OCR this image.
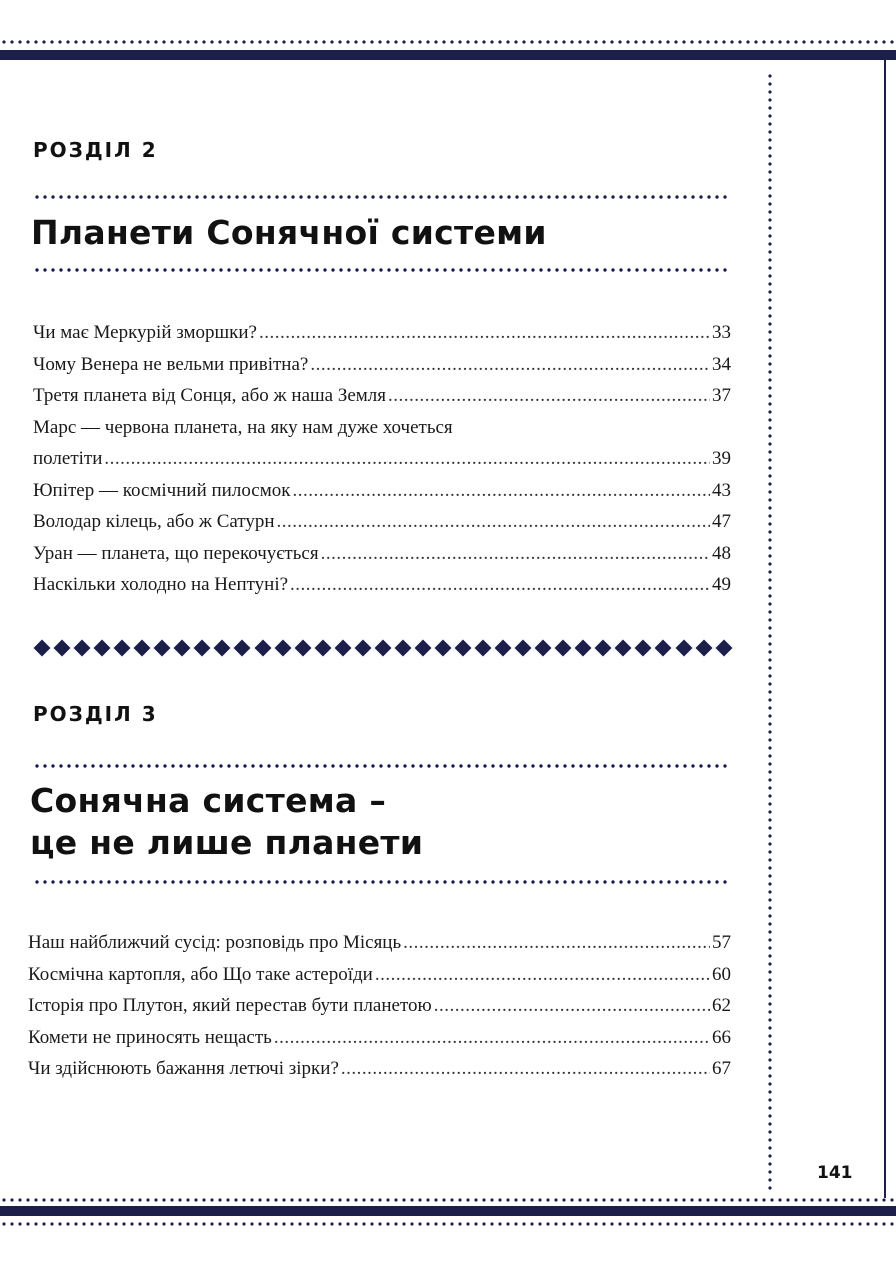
РОЗДІЛ 2
Планети Сонячної системи
Чи має Меркурій зморшки? .....	33
Чому Венера не вельми привітна? .....	34
Третя планета від Сонця, або ж наша Земля .....	37
Марс — червона планета, на яку нам дуже хочеться
полетіти .....	39
Юпітер — космічний пилосмок .....	43
Володар кілець, або ж Сатурн .....	47
Уран — планета, що перекочується .....	48
Наскільки холодно на Нептуні? .....	49
РОЗДІЛ 3
Сонячна система –
це не лише планети
Наш найближчий сусід: розповідь про Місяць .....	57
Космічна картопля, або Що таке астероїди .....	60
Історія про Плутон, який перестав бути планетою .....	62
Комети не приносять нещасть .....	66
Чи здійснюють бажання летючі зірки? .....	67
141
